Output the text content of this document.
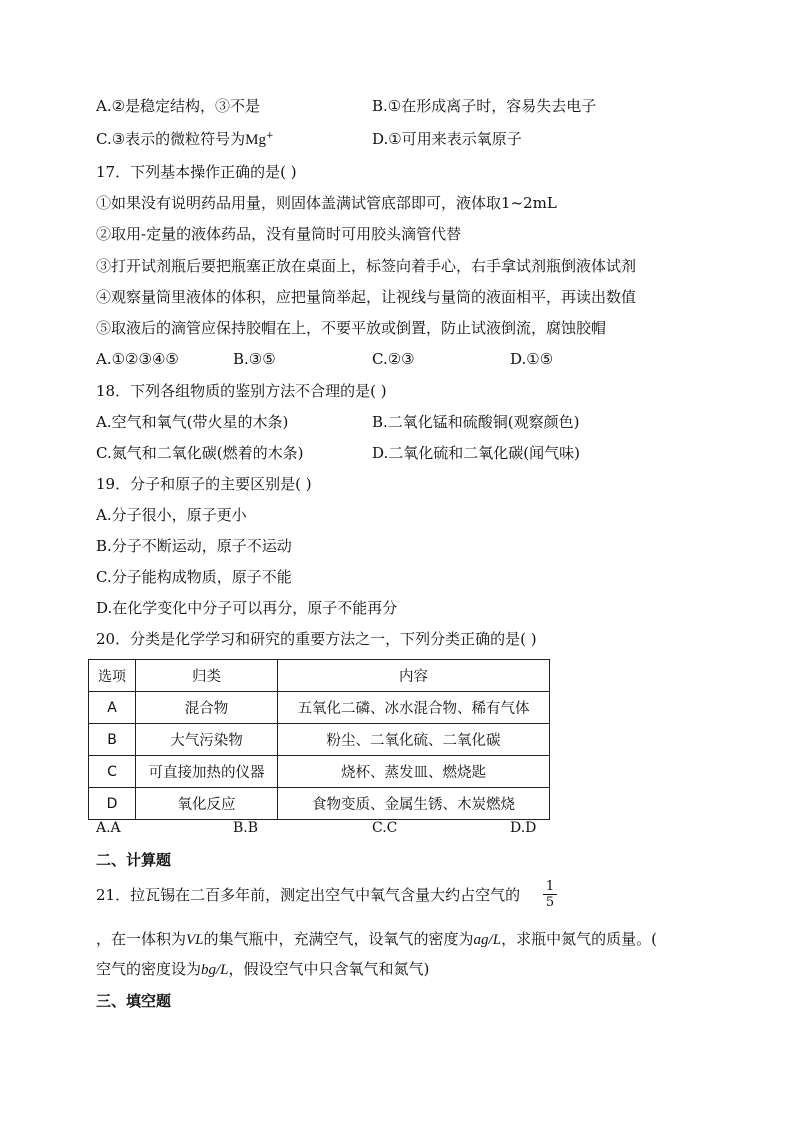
A.②是稳定结构，③不是	B.①在形成离子时，容易失去电子
C.③表示的微粒符号为Mg+	D.①可用来表示氧原子
17．下列基本操作正确的是( )
①如果没有说明药品用量，则固体盖满试管底部即可，液体取1~2mL
②取用-定量的液体药品，没有量筒时可用胶头滴管代替
③打开试剂瓶后要把瓶塞正放在桌面上，标签向着手心，右手拿试剂瓶倒液体试剂
④观察量筒里液体的体积，应把量筒举起，让视线与量筒的液面相平，再读出数值
⑤取液后的滴管应保持胶帽在上，不要平放或倒置，防止试液倒流，腐蚀胶帽
A.①②③④⑤	B.③⑤	C.②③	D.①⑤
18．下列各组物质的鉴别方法不合理的是( )
A.空气和氧气(带火星的木条)	B.二氧化锰和硫酸铜(观察颜色)
C.氮气和二氧化碳(燃着的木条)	D.二氧化硫和二氧化碳(闻气味)
19．分子和原子的主要区别是( )
A.分子很小，原子更小
B.分子不断运动，原子不运动
C.分子能构成物质，原子不能
D.在化学变化中分子可以再分，原子不能再分
20．分类是化学学习和研究的重要方法之一，下列分类正确的是( )
选项	归类	内容
A	混合物	五氧化二磷、冰水混合物、稀有气体
B	大气污染物	粉尘、二氧化硫、二氧化碳
C	可直接加热的仪器	烧杯、蒸发皿、燃烧匙
D	氧化反应	食物变质、金属生锈、木炭燃烧
A.A	B.B	C.C	D.D
二、计算题
21．拉瓦锡在二百多年前，测定出空气中氧气含量大约占空气的 $\frac{1}{5}$
，在一体积为VL的集气瓶中，充满空气，设氧气的密度为ag/L，求瓶中氮气的质量。(
空气的密度设为bg/L，假设空气中只含氧气和氮气)
三、填空题
